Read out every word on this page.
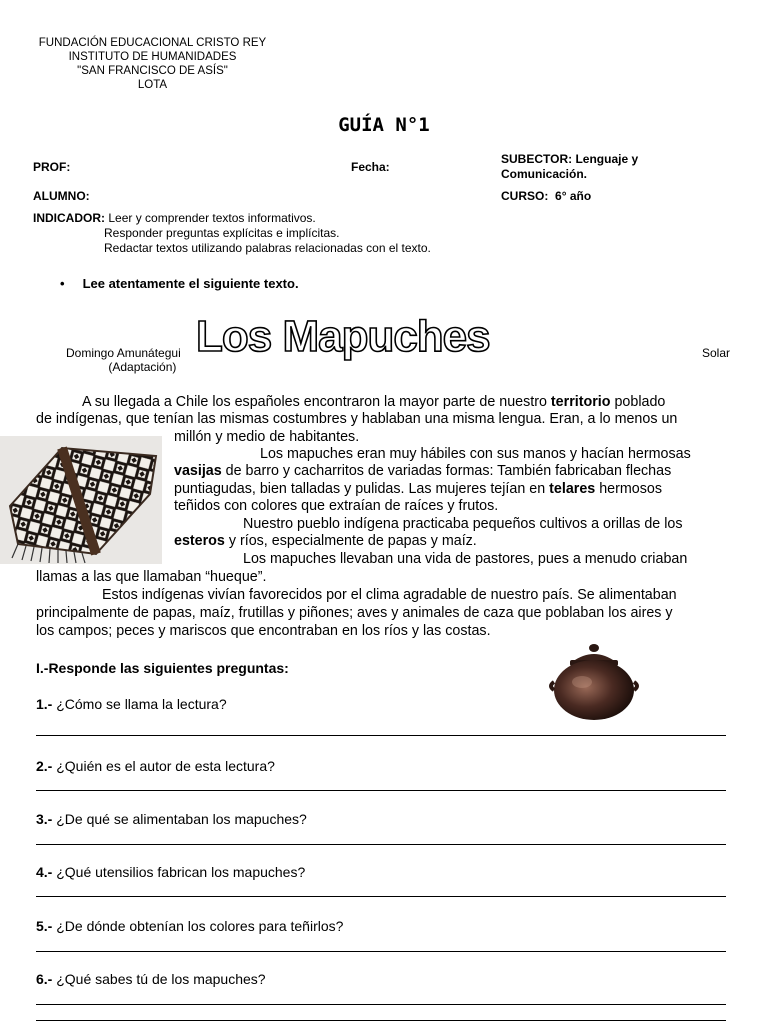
FUNDACIÓN EDUCACIONAL CRISTO REY
INSTITUTO DE HUMANIDADES
"SAN FRANCISCO DE ASÍS"
LOTA
GUÍA N°1
PROF:	Fecha:
SUBECTOR: Lenguaje y
Comunicación.
ALUMNO:	CURSO: 6° año
INDICADOR: Leer y comprender textos informativos.
Responder preguntas explícitas e implícitas.
Redactar textos utilizando palabras relacionadas con el texto.
• Lee atentamente el siguiente texto.
Domingo Amunátegui
(Adaptación)
Los Mapuches	Solar
A su llegada a Chile los españoles encontraron la mayor parte de nuestro territorio poblado
de indígenas, que tenían las mismas costumbres y hablaban una misma lengua. Eran, a lo menos un
millón y medio de habitantes.
Los mapuches eran muy hábiles con sus manos y hacían hermosas
vasijas de barro y cacharritos de variadas formas: También fabricaban flechas
puntiagudas, bien talladas y pulidas. Las mujeres tejían en telares hermosos
teñidos con colores que extraían de raíces y frutos.
Nuestro pueblo indígena practicaba pequeños cultivos a orillas de los
esteros y ríos, especialmente de papas y maíz.
Los mapuches llevaban una vida de pastores, pues a menudo criaban
llamas a las que llamaban “hueque”.
Estos indígenas vivían favorecidos por el clima agradable de nuestro país. Se alimentaban
principalmente de papas, maíz, frutillas y piñones; aves y animales de caza que poblaban los aires y
los campos; peces y mariscos que encontraban en los ríos y las costas.
I.-Responde las siguientes preguntas:
1.- ¿Cómo se llama la lectura?
2.- ¿Quién es el autor de esta lectura?
3.- ¿De qué se alimentaban los mapuches?
4.- ¿Qué utensilios fabrican los mapuches?
5.- ¿De dónde obtenían los colores para teñirlos?
6.- ¿Qué sabes tú de los mapuches?
